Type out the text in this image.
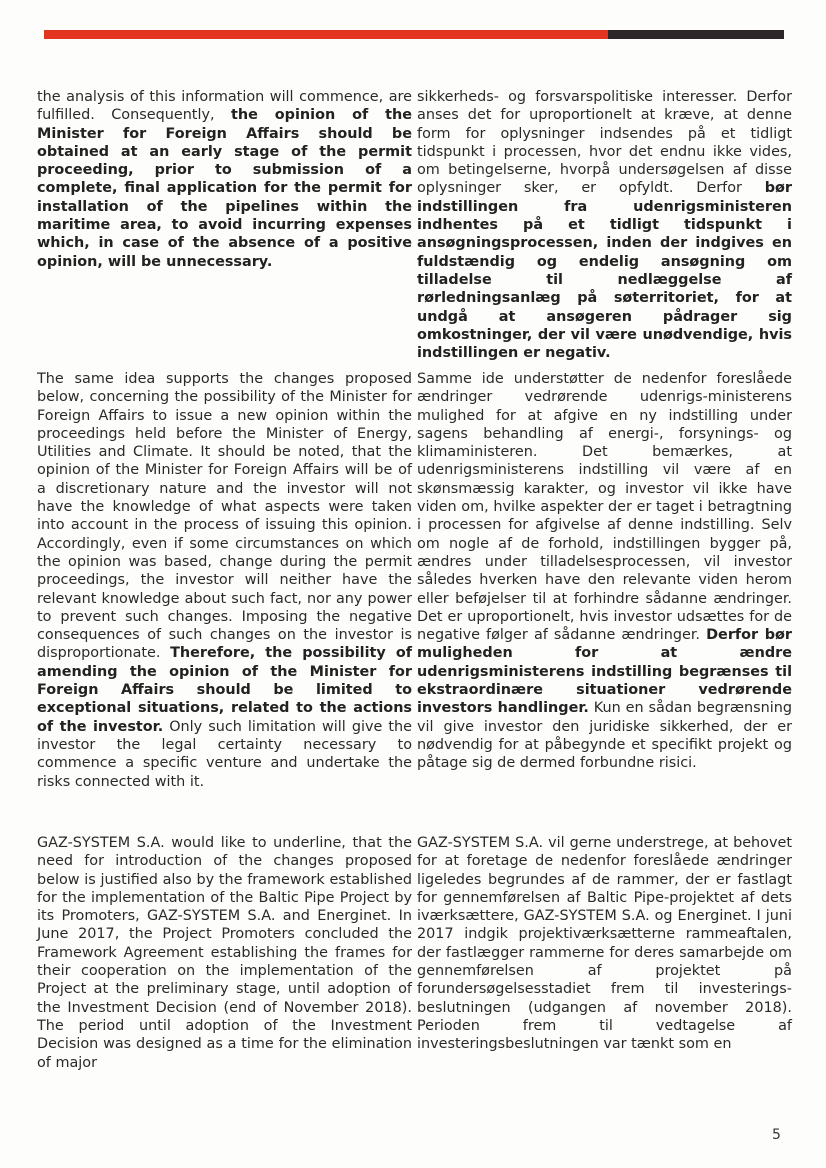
the analysis of this information will commence, are fulfilled. Consequently, the opinion of the Minister for Foreign Affairs should be obtained at an early stage of the permit proceeding, prior to submission of a complete, final application for the permit for installation of the pipelines within the maritime area, to avoid incurring expenses which, in case of the absence of a positive opinion, will be unnecessary.

sikkerheds- og forsvarspolitiske interesser. Derfor anses det for uproportionelt at kræve, at denne form for oplysninger indsendes på et tidligt tidspunkt i processen, hvor det endnu ikke vides, om betingelserne, hvorpå undersøgelsen af disse oplysninger sker, er opfyldt. Derfor bør indstillingen fra udenrigsministeren indhentes på et tidligt tidspunkt i ansøgningsprocessen, inden der indgives en fuldstændig og endelig ansøgning om tilladelse til nedlæggelse af rørledningsanlæg på søterritoriet, for at undgå at ansøgeren pådrager sig omkostninger, der vil være unødvendige, hvis indstillingen er negativ.

The same idea supports the changes proposed below, concerning the possibility of the Minister for Foreign Affairs to issue a new opinion within the proceedings held before the Minister of Energy, Utilities and Climate. It should be noted, that the opinion of the Minister for Foreign Affairs will be of a discretionary nature and the investor will not have the knowledge of what aspects were taken into account in the process of issuing this opinion. Accordingly, even if some circumstances on which the opinion was based, change during the permit proceedings, the investor will neither have the relevant knowledge about such fact, nor any power to prevent such changes. Imposing the negative consequences of such changes on the investor is disproportionate. Therefore, the possibility of amending the opinion of the Minister for Foreign Affairs should be limited to exceptional situations, related to the actions of the investor. Only such limitation will give the investor the legal certainty necessary to commence a specific venture and undertake the risks connected with it.

Samme ide understøtter de nedenfor foreslåede ændringer vedrørende udenrigs-ministerens mulighed for at afgive en ny indstilling under sagens behandling af energi-, forsynings- og klimaministeren. Det bemærkes, at udenrigsministerens indstilling vil være af en skønsmæssig karakter, og investor vil ikke have viden om, hvilke aspekter der er taget i betragtning i processen for afgivelse af denne indstilling. Selv om nogle af de forhold, indstillingen bygger på, ændres under tilladelsesprocessen, vil investor således hverken have den relevante viden herom eller beføjelser til at forhindre sådanne ændringer. Det er uproportionelt, hvis investor udsættes for de negative følger af sådanne ændringer. Derfor bør muligheden for at ændre udenrigsministerens indstilling begrænses til ekstraordinære situationer vedrørende investors handlinger. Kun en sådan begrænsning vil give investor den juridiske sikkerhed, der er nødvendig for at påbegynde et specifikt projekt og påtage sig de dermed forbundne risici.

GAZ-SYSTEM S.A. would like to underline, that the need for introduction of the changes proposed below is justified also by the framework established for the implementation of the Baltic Pipe Project by its Promoters, GAZ-SYSTEM S.A. and Energinet. In June 2017, the Project Promoters concluded the Framework Agreement establishing the frames for their cooperation on the implementation of the Project at the preliminary stage, until adoption of the Investment Decision (end of November 2018). The period until adoption of the Investment Decision was designed as a time for the elimination of major

GAZ-SYSTEM S.A. vil gerne understrege, at behovet for at foretage de nedenfor foreslåede ændringer ligeledes begrundes af de rammer, der er fastlagt for gennemførelsen af Baltic Pipe-projektet af dets iværksættere, GAZ-SYSTEM S.A. og Energinet. I juni 2017 indgik projektiværksætterne rammeaftalen, der fastlægger rammerne for deres samarbejde om gennemførelsen af projektet på forundersøgelsesstadiet frem til investerings-beslutningen (udgangen af november 2018). Perioden frem til vedtagelse af investeringsbeslutningen var tænkt som en

5
